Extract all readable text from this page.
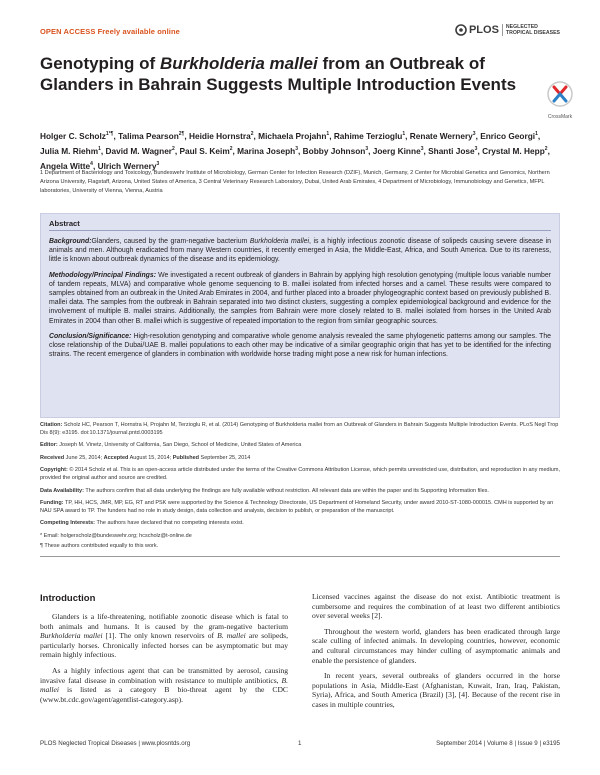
OPEN ACCESS Freely available online	PLOS NEGLECTED
TROPICAL DISEASES
Genotyping of Burkholderia mallei from an Outbreak of Glanders in Bahrain Suggests Multiple Introduction Events
CrossMark
Holger C. Scholz$^{1*\P}$, Talima Pearson$^{2\P}$, Heidie Hornstra$^2$, Michaela Projahn$^1$, Rahime Terzioglu$^1$, Renate Wernery$^3$, Enrico Georgi$^1$, Julia M. Riehm$^1$, David M. Wagner$^2$, Paul S. Keim$^2$, Marina Joseph$^3$, Bobby Johnson$^3$, Joerg Kinne$^3$, Shanti Jose$^3$, Crystal M. Hepp$^2$, Angela Witte$^4$, Ulrich Wernery$^3$
1 Department of Bacteriology and Toxicology, Bundeswehr Institute of Microbiology, German Center for Infection Research (DZIF), Munich, Germany, 2 Center for Microbial Genetics and Genomics, Northern Arizona University, Flagstaff, Arizona, United States of America, 3 Central Veterinary Research Laboratory, Dubai, United Arab Emirates, 4 Department of Microbiology, Immunobiology and Genetics, MFPL laboratories, University of Vienna, Vienna, Austria
Abstract

Background:Glanders, caused by the gram-negative bacterium Burkholderia mallei, is a highly infectious zoonotic disease of solipeds causing severe disease in animals and men. Although eradicated from many Western countries, it recently emerged in Asia, the Middle-East, Africa, and South America. Due to its rareness, little is known about outbreak dynamics of the disease and its epidemiology.

Methodology/Principal Findings: We investigated a recent outbreak of glanders in Bahrain by applying high resolution genotyping (multiple locus variable number of tandem repeats, MLVA) and comparative whole genome sequencing to B. mallei isolated from infected horses and a camel. These results were compared to samples obtained from an outbreak in the United Arab Emirates in 2004, and further placed into a broader phylogeographic context based on previously published B. mallei data. The samples from the outbreak in Bahrain separated into two distinct clusters, suggesting a complex epidemiological background and evidence for the involvement of multiple B. mallei strains. Additionally, the samples from Bahrain were more closely related to B. mallei isolated from horses in the United Arab Emirates in 2004 than other B. mallei which is suggestive of repeated importation to the region from similar geographic sources.

Conclusion/Significance: High-resolution genotyping and comparative whole genome analysis revealed the same phylogenetic patterns among our samples. The close relationship of the Dubai/UAE B. mallei populations to each other may be indicative of a similar geographic origin that has yet to be identified for the infecting strains. The recent emergence of glanders in combination with worldwide horse trading might pose a new risk for human infections.

Citation: Scholz HC, Pearson T, Hornstra H, Projahn M, Terzioglu R, et al. (2014) Genotyping of Burkholderia mallei from an Outbreak of Glanders in Bahrain Suggests Multiple Introduction Events. PLoS Negl Trop Dis 8(9): e3195. doi:10.1371/journal.pntd.0003195

Editor: Joseph M. Vinetz, University of California, San Diego, School of Medicine, United States of America

Received June 25, 2014; Accepted August 15, 2014; Published September 25, 2014

Copyright: © 2014 Scholz et al. This is an open-access article distributed under the terms of the Creative Commons Attribution License, which permits unrestricted use, distribution, and reproduction in any medium, provided the original author and source are credited.

Data Availability: The authors confirm that all data underlying the findings are fully available without restriction. All relevant data are within the paper and its Supporting Information files.

Funding: TP, HH, HCS, JMR, MP, EG, RT and PSK were supported by the Science & Technology Directorate, US Department of Homeland Security, under award 2010-ST-1080-000015. CMH is supported by an NAU SPA award to TP. The funders had no role in study design, data collection and analysis, decision to publish, or preparation of the manuscript.

Competing Interests: The authors have declared that no competing interests exist.

* Email: holgerscholz@bundeswehr.org; hcscholz@t-online.de

¶ These authors contributed equally to this work.

Introduction

Glanders is a life-threatening, notifiable zoonotic disease which is fatal to both animals and humans. It is caused by the gram-negative bacterium Burkholderia mallei [1]. The only known reservoirs of B. mallei are solipeds, particularly horses. Chronically infected horses can be asymptomatic but may remain highly infectious.

As a highly infectious agent that can be transmitted by aerosol, causing invasive fatal disease in combination with resistance to multiple antibiotics, B. mallei is listed as a category B bio-threat agent by the CDC (www.bt.cdc.gov/agent/agentlist-category.asp).

Licensed vaccines against the disease do not exist. Antibiotic treatment is cumbersome and requires the combination of at least two different antibiotics over several weeks [2].

Throughout the western world, glanders has been eradicated through large scale culling of infected animals. In developing countries, however, economic and cultural circumstances may hinder culling of asymptomatic animals and enable the persistence of glanders.

In recent years, several outbreaks of glanders occurred in the horse populations in Asia, Middle-East (Afghanistan, Kuwait, Iran, Iraq, Pakistan, Syria), Africa, and South America (Brazil) [3], [4]. Because of the recent rise in cases in multiple countries,

PLOS Neglected Tropical Diseases | www.plosntds.org	1	September 2014 | Volume 8 | Issue 9 | e3195
